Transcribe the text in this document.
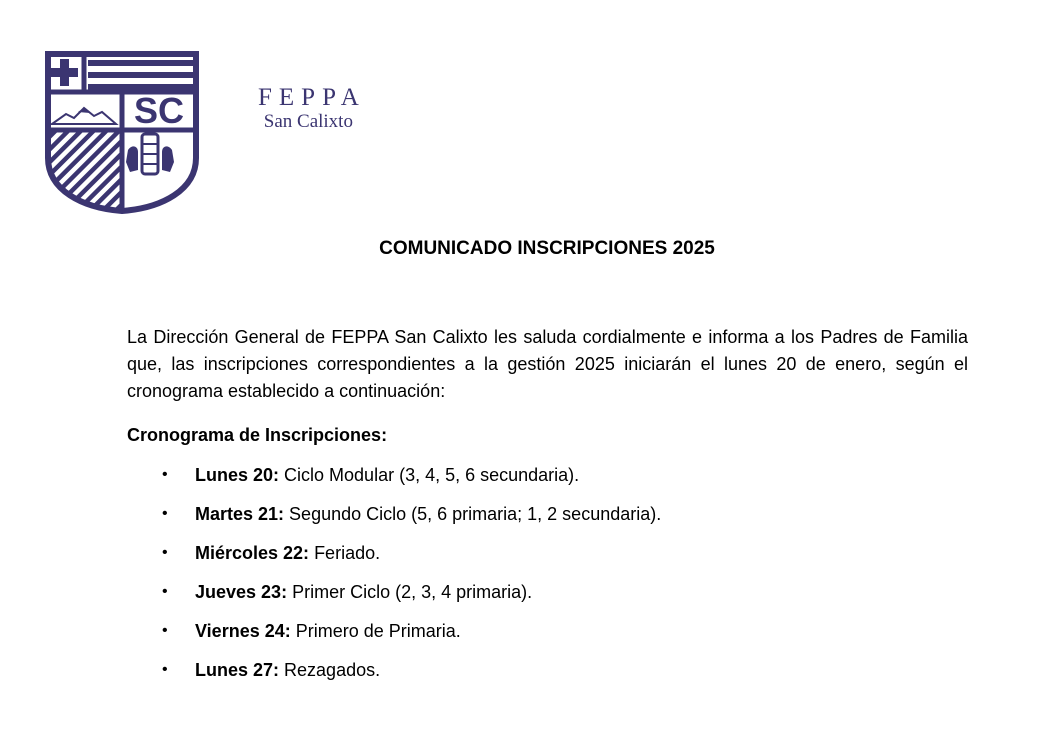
SC	FEPPA
San Calixto
COMUNICADO INSCRIPCIONES 2025

La Dirección General de FEPPA San Calixto les saluda cordialmente e informa a los Padres de Familia que, las inscripciones correspondientes a la gestión 2025 iniciarán el lunes 20 de enero, según el cronograma establecido a continuación:

Cronograma de Inscripciones:
• Lunes 20: Ciclo Modular (3, 4, 5, 6 secundaria).
• Martes 21: Segundo Ciclo (5, 6 primaria; 1, 2 secundaria).
• Miércoles 22: Feriado.
• Jueves 23: Primer Ciclo (2, 3, 4 primaria).
• Viernes 24: Primero de Primaria.
• Lunes 27: Rezagados.
